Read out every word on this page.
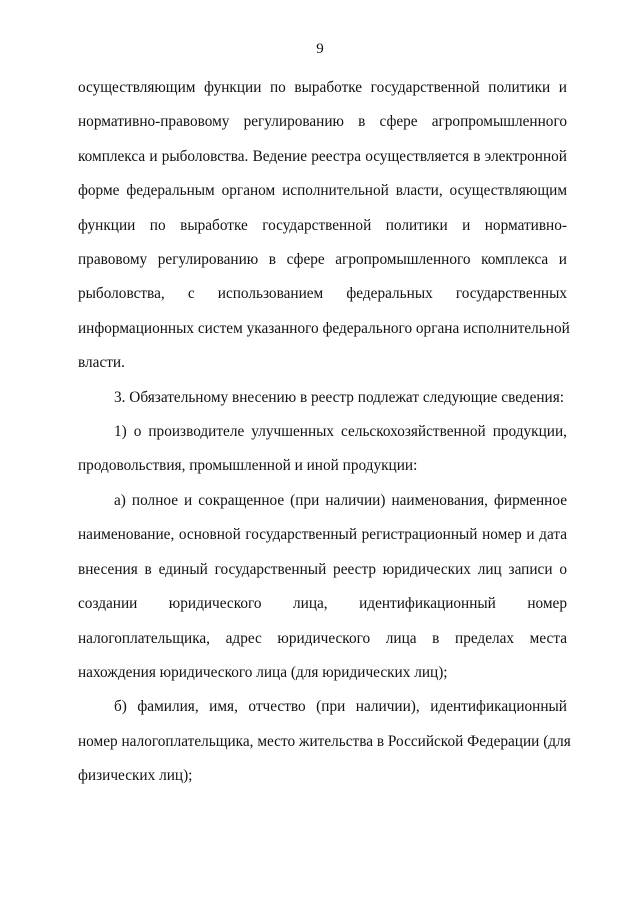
9

осуществляющим функции по выработке государственной политики и
нормативно-правовому регулированию в сфере агропромышленного
комплекса и рыболовства. Ведение реестра осуществляется в электронной
форме федеральным органом исполнительной власти, осуществляющим
функции по выработке государственной политики и нормативно-
правовому регулированию в сфере агропромышленного комплекса и
рыболовства, с использованием федеральных государственных
информационных систем указанного федерального органа исполнительной
власти.

3. Обязательному внесению в реестр подлежат следующие сведения:

1) о производителе улучшенных сельскохозяйственной продукции,
продовольствия, промышленной и иной продукции:

а) полное и сокращенное (при наличии) наименования, фирменное
наименование, основной государственный регистрационный номер и дата
внесения в единый государственный реестр юридических лиц записи о
создании юридического лица, идентификационный номер
налогоплательщика, адрес юридического лица в пределах места
нахождения юридического лица (для юридических лиц);

б) фамилия, имя, отчество (при наличии), идентификационный
номер налогоплательщика, место жительства в Российской Федерации (для
физических лиц);
